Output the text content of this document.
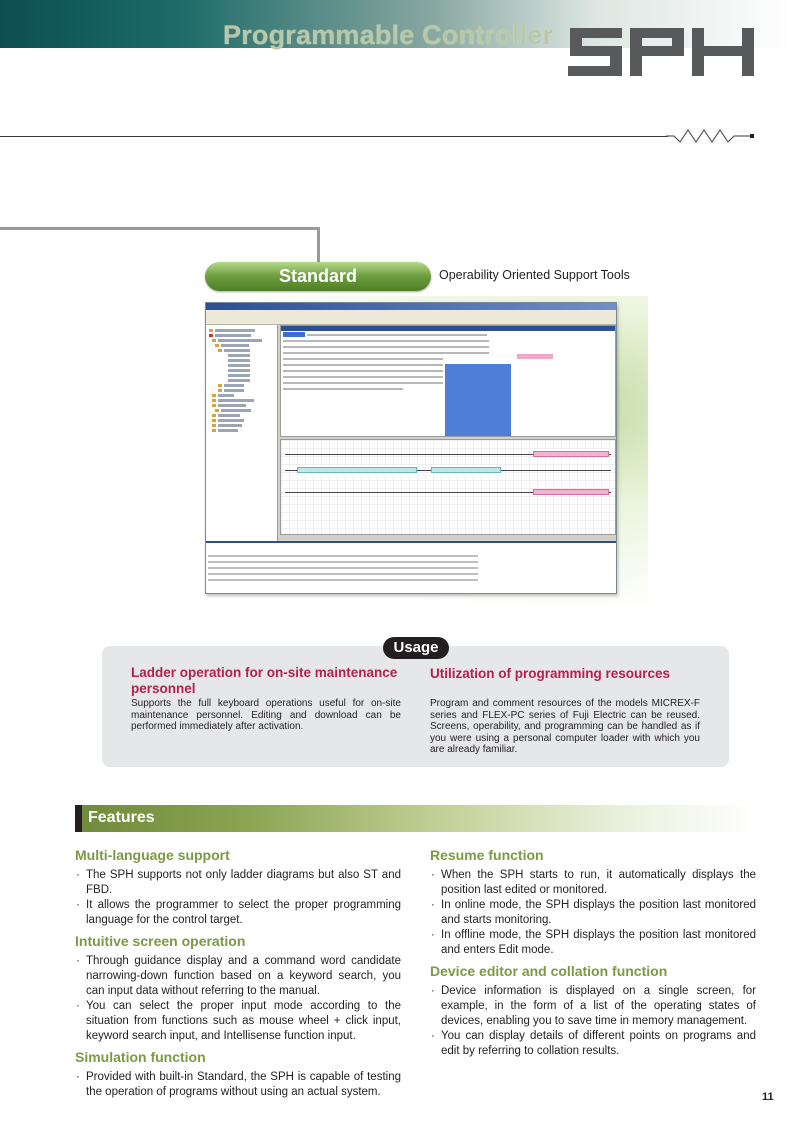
Programmable Controller
Standard	Operability Oriented Support Tools
Usage
Ladder operation for on-site maintenance personnel
Supports the full keyboard operations useful for on-site maintenance personnel. Editing and download can be performed immediately after activation.
Utilization of programming resources
Program and comment resources of the models MICREX-F series and FLEX-PC series of Fuji Electric can be reused. Screens, operability, and programming can be handled as if you were using a personal computer loader with which you are already familiar.
Features
Multi-language support
· The SPH supports not only ladder diagrams but also ST and FBD.
· It allows the programmer to select the proper programming language for the control target.
Intuitive screen operation
· Through guidance display and a command word candidate narrowing-down function based on a keyword search, you can input data without referring to the manual.
· You can select the proper input mode according to the situation from functions such as mouse wheel + click input, keyword search input, and Intellisense function input.
Simulation function
· Provided with built-in Standard, the SPH is capable of testing the operation of programs without using an actual system.
Resume function
· When the SPH starts to run, it automatically displays the position last edited or monitored.
· In online mode, the SPH displays the position last monitored and starts monitoring.
· In offline mode, the SPH displays the position last monitored and enters Edit mode.
Device editor and collation function
· Device information is displayed on a single screen, for example, in the form of a list of the operating states of devices, enabling you to save time in memory management.
· You can display details of different points on programs and edit by referring to collation results.
11
